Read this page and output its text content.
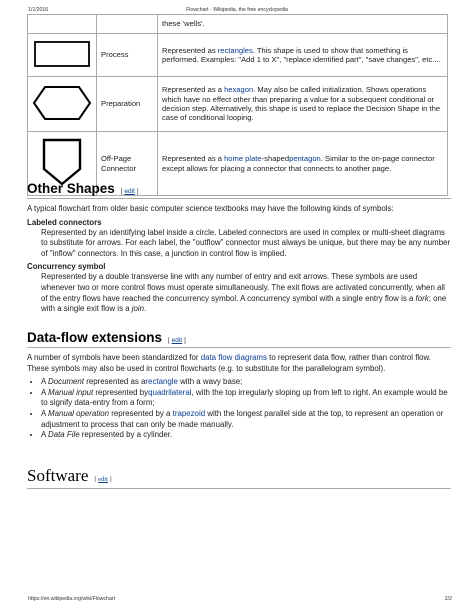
1/1/2016	Flowchart - Wikipedia, the free encyclopedia
		these 'wells'.
	Process	Represented as rectangles. This shape is used to show that something is performed. Examples: "Add 1 to X", "replace identified part", "save changes", etc....
	Preparation	Represented as a hexagon. May also be called initialization. Shows operations which have no effect other than preparing a value for a subsequent conditional or decision step. Alternatively, this shape is used to replace the Decision Shape in the case of conditional looping.
	Off-Page Connector	Represented as a home plate-shapedpentagon. Similar to the on-page connector except allows for placing a connector that connects to another page.
Other Shapes [ edit ]

A typical flowchart from older basic computer science textbooks may have the following kinds of symbols:

Labeled connectors

Represented by an identifying label inside a circle. Labeled connectors are used in complex or multi-sheet diagrams to substitute for arrows. For each label, the "outflow" connector must always be unique, but there may be any number of "inflow" connectors. In this case, a junction in control flow is implied.

Concurrency symbol

Represented by a double transverse line with any number of entry and exit arrows. These symbols are used whenever two or more control flows must operate simultaneously. The exit flows are activated concurrently, when all of the entry flows have reached the concurrency symbol. A concurrency symbol with a single entry flow is a fork; one with a single exit flow is a join.

Data-flow extensions [ edit ]

A number of symbols have been standardized for data flow diagrams to represent data flow, rather than control flow. These symbols may also be used in control flowcharts (e.g. to substitute for the parallelogram symbol).

• A Document represented as arectangle with a wavy base;
• A Manual input represented byquadrilateral, with the top irregularly sloping up from left to right. An example would be to signify data-entry from a form;
• A Manual operation represented by a trapezoid with the longest parallel side at the top, to represent an operation or adjustment to process that can only be made manually.
• A Data File represented by a cylinder.
Software [ edit ]
https://en.wikipedia.org/wiki/Flowchart	2/2
